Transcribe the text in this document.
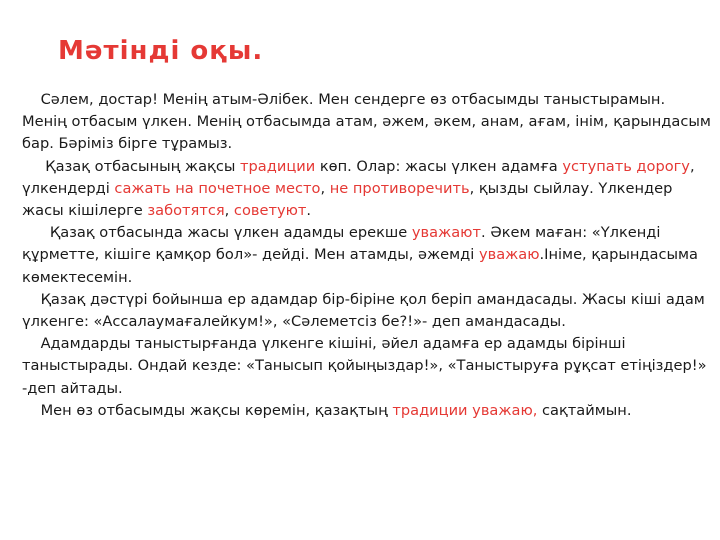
Мәтінді оқы.

Сәлем, достар! Менің атым-Әлібек. Мен сендерге өз отбасымды таныстырамын. Менің отбасым үлкен. Менің отбасымда атам, әжем, әкем, анам, ағам, інім, қарындасым бар. Бәріміз бірге тұрамыз.

Қазақ отбасының жақсы традиции көп. Олар: жасы үлкен адамға уступать дорогу, үлкендерді сажать на почетное место, не противоречить, қызды сыйлау. Үлкендер жасы кішілерге заботятся, советуют.

Қазақ отбасында жасы үлкен адамды ерекше уважают. Әкем маған: «Үлкенді  құрметте, кішіге қамқор бол»- дейді. Мен атамды, әжемді уважаю.Ініме, қарындасыма көмектесемін.

Қазақ дәстүрі бойынша ер адамдар бір-біріне қол беріп амандасады. Жасы кіші адам үлкенге: «Ассалаумағалейкум!», «Сәлеметсіз бе?!»- деп амандасады.

Адамдарды таныстырғанда үлкенге кішіні, әйел адамға ер адамды бірінші таныстырады. Ондай кезде: «Танысып қойыңыздар!», «Таныстыруға рұқсат етіңіздер!» -деп айтады.

Мен өз отбасымды жақсы көремін, қазақтың традиции уважаю, сақтаймын.
